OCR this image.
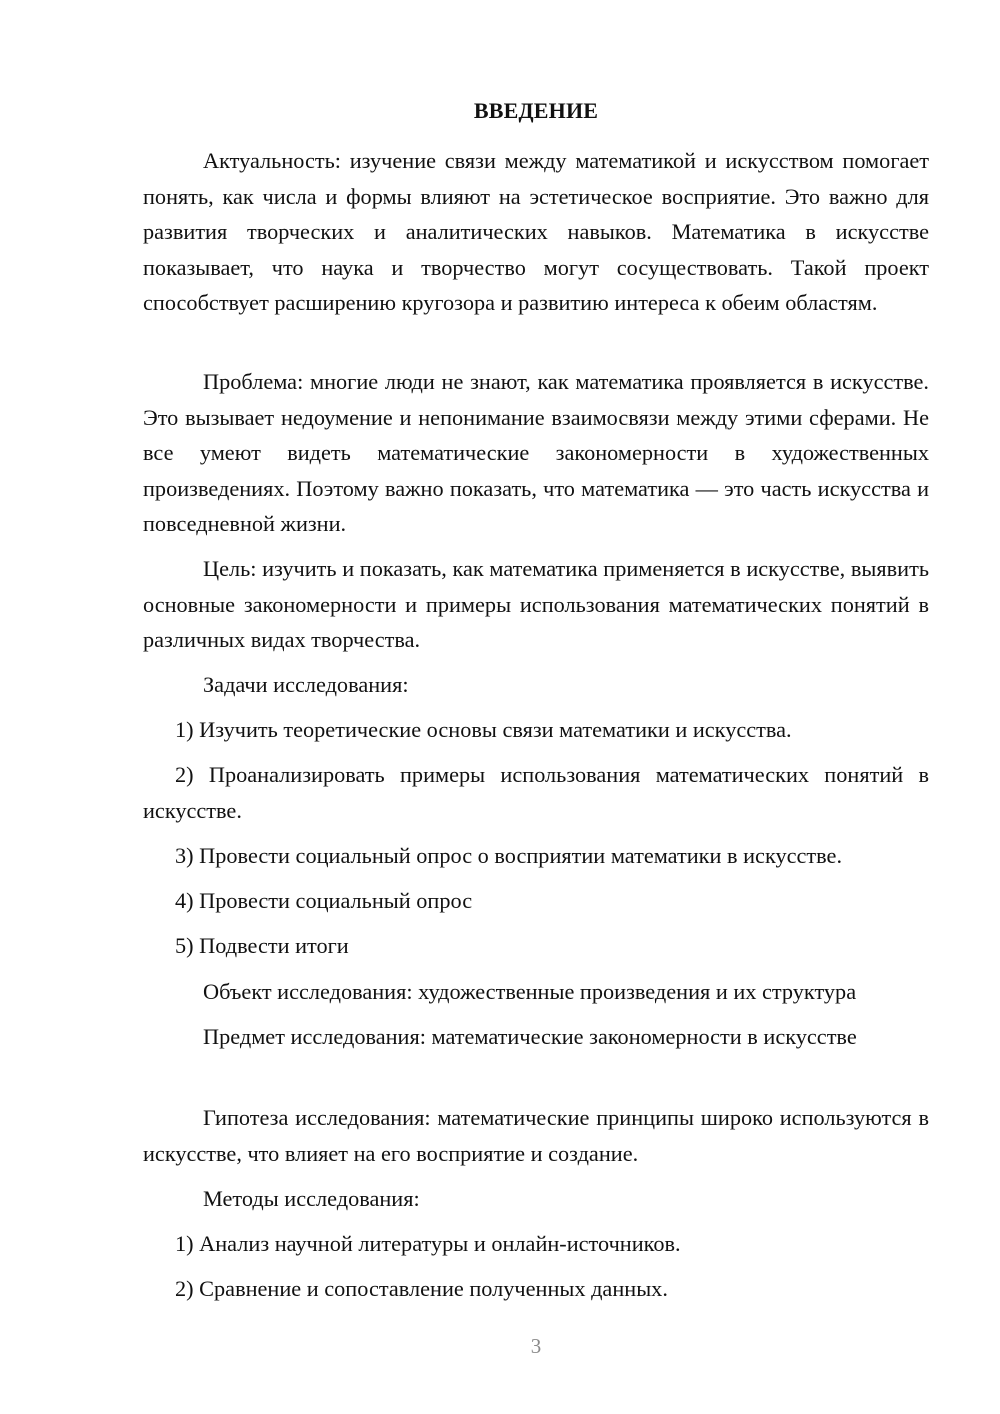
ВВЕДЕНИЕ

Актуальность: изучение связи между математикой и искусством помогает понять, как числа и формы влияют на эстетическое восприятие. Это важно для развития творческих и аналитических навыков. Математика в искусстве показывает, что наука и творчество могут сосуществовать. Такой проект способствует расширению кругозора и развитию интереса к обеим областям.

Проблема: многие люди не знают, как математика проявляется в искусстве. Это вызывает недоумение и непонимание взаимосвязи между этими сферами. Не все умеют видеть математические закономерности в художественных произведениях. Поэтому важно показать, что математика — это часть искусства и повседневной жизни.

Цель: изучить и показать, как математика применяется в искусстве, выявить основные закономерности и примеры использования математических понятий в различных видах творчества.

Задачи исследования:

1) Изучить теоретические основы связи математики и искусства.

2) Проанализировать примеры использования математических понятий в искусстве.

3) Провести социальный опрос о восприятии математики в искусстве.

4) Провести социальный опрос

5) Подвести итоги

Объект исследования: художественные произведения и их структура

Предмет исследования: математические закономерности в искусстве

Гипотеза исследования: математические принципы широко используются в искусстве, что влияет на его восприятие и создание.

Методы исследования:

1) Анализ научной литературы и онлайн-источников.

2) Сравнение и сопоставление полученных данных.

3
